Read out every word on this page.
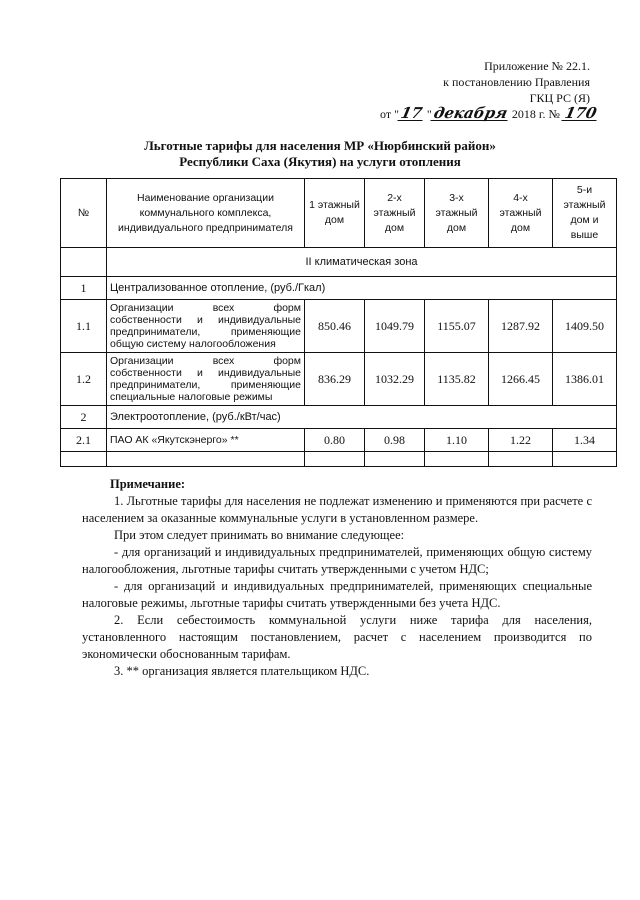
Приложение № 22.1.
к постановлению Правления
ГКЦ РС (Я)
от "17 "декабря 2018 г. № 170
Льготные тарифы для населения МР «Нюрбинский район»
Республики Саха (Якутия) на услуги отопления
№	Наименование организации коммунального комплекса, индивидуального предпринимателя	1 этажный дом	2-х этажный дом	3-х этажный дом	4-х этажный дом	5-и этажный дом и выше
	II климатическая зона					
1	Централизованное отопление, (руб./Гкал)					
1.1	Организации всех форм собственности и индивидуальные предприниматели, применяющие общую систему налогообложения	850.46	1049.79	1155.07	1287.92	1409.50
1.2	Организации всех форм собственности и индивидуальные предприниматели, применяющие специальные налоговые режимы	836.29	1032.29	1135.82	1266.45	1386.01
2	Электроотопление, (руб./кВт/час)					
2.1	ПАО АК «Якутскэнерго» **	0.80	0.98	1.10	1.22	1.34

Примечание:

1. Льготные тарифы для населения не подлежат изменению и применяются при расчете с населением за оказанные коммунальные услуги в установленном размере.

При этом следует принимать во внимание следующее:

- для организаций и индивидуальных предпринимателей, применяющих общую систему налогообложения, льготные тарифы считать утвержденными с учетом НДС;

- для организаций и индивидуальных предпринимателей, применяющих специальные налоговые режимы, льготные тарифы считать утвержденными без учета НДС.

2. Если себестоимость коммунальной услуги ниже тарифа для населения, установленного настоящим постановлением, расчет с населением производится по экономически обоснованным тарифам.

3. ** организация является плательщиком НДС.
